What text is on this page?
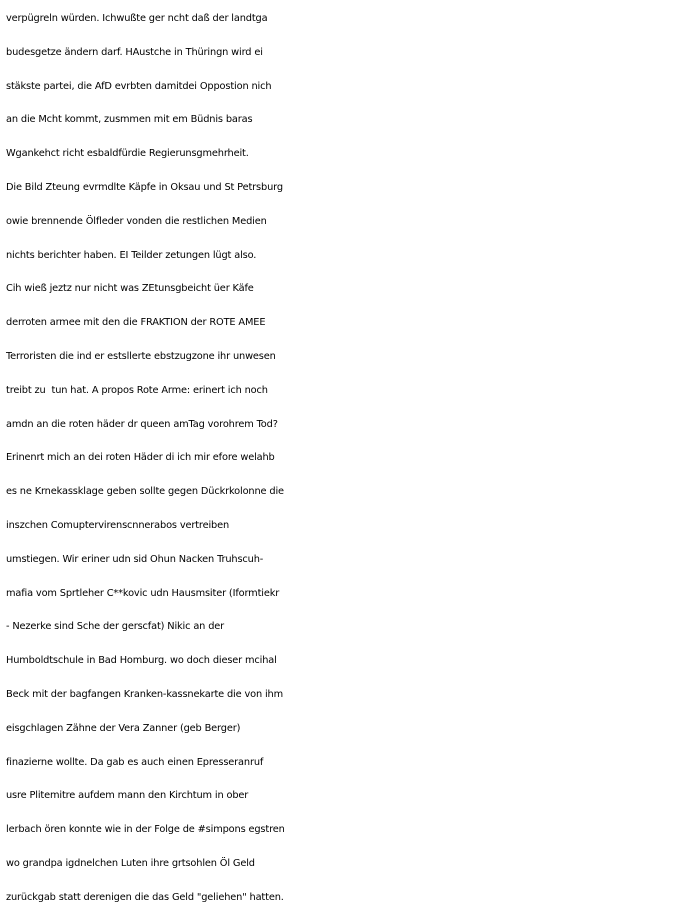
verpügreln würden. Ichwußte ger ncht daß der landtga
budesgetze ändern darf. HAustche in Thüringn wird ei
stäkste partei, die AfD evrbten damitdei Oppostion nich
an die Mcht kommt, zusmmen mit em Büdnis baras
Wgankehct richt esbaldfürdie Regierunsgmehrheit.
Die Bild Zteung evrmdlte Käpfe in Oksau und St Petrsburg
owie brennende Ölfleder vonden die restlichen Medien
nichts berichter haben. EI Teilder zetungen lügt also.
Cih wieß jeztz nur nicht was ZEtunsgbeicht üer Käfe
derroten armee mit den die FRAKTION der ROTE AMEE
Terroristen die ind er estsllerte ebstzugzone ihr unwesen
treibt zu  tun hat. A propos Rote Arme: erinert ich noch
amdn an die roten häder dr queen amTag vorohrem Tod?
Erinenrt mich an dei roten Häder di ich mir efore welahb
es ne Krnekassklage geben sollte gegen Dückrkolonne die
inszchen Comuptervirenscnnerabos vertreiben
umstiegen. Wir eriner udn sid Ohun Nacken Truhscuh-
mafia vom Sprtleher C**kovic udn Hausmsiter (Iformtiekr
- Nezerke sind Sche der gerscfat) Nikic an der
Humboldtschule in Bad Homburg. wo doch dieser mcihal
Beck mit der bagfangen Kranken-kassnekarte die von ihm
eisgchlagen Zähne der Vera Zanner (geb Berger)
finazierne wollte. Da gab es auch einen Epresseranruf
usre Plitemitre aufdem mann den Kirchtum in ober
lerbach ören konnte wie in der Folge de #simpons egstren
wo grandpa igdnelchen Luten ihre grtsohlen Öl Geld
zurückgab statt derenigen die das Geld "geliehen" hatten.
